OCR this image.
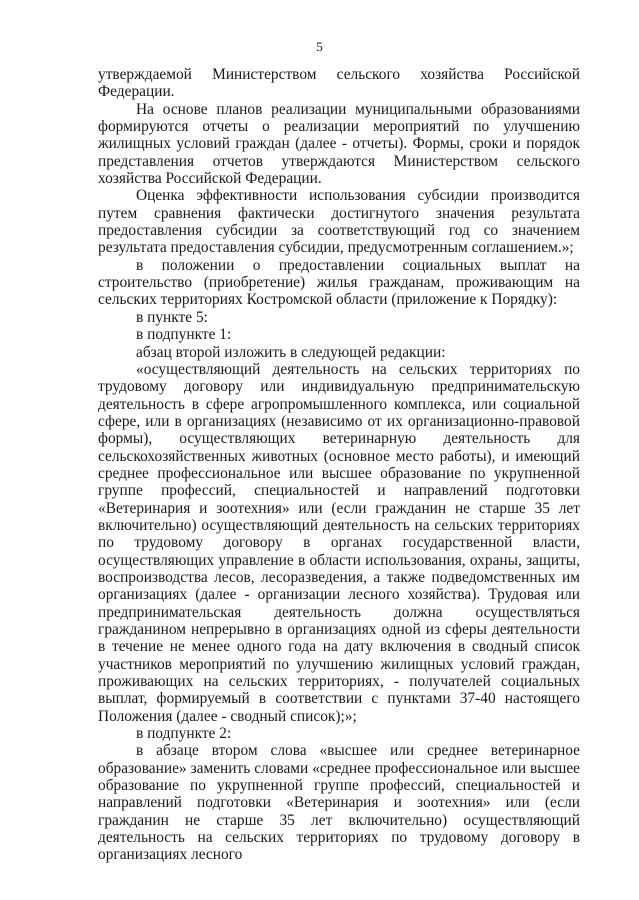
5

утверждаемой Министерством сельского хозяйства Российской Федерации.

На основе планов реализации муниципальными образованиями формируются отчеты о реализации мероприятий по улучшению жилищных условий граждан (далее - отчеты). Формы, сроки и порядок представления отчетов утверждаются Министерством сельского хозяйства Российской Федерации.

Оценка эффективности использования субсидии производится путем сравнения фактически достигнутого значения результата предоставления субсидии за соответствующий год со значением результата предоставления субсидии, предусмотренным соглашением.»;

в положении о предоставлении социальных выплат на строительство (приобретение) жилья гражданам, проживающим на сельских территориях Костромской области (приложение к Порядку):

в пункте 5:

в подпункте 1:

абзац второй изложить в следующей редакции:

«осуществляющий деятельность на сельских территориях по трудовому договору или индивидуальную предпринимательскую деятельность в сфере агропромышленного комплекса, или социальной сфере, или в организациях (независимо от их организационно-правовой формы), осуществляющих ветеринарную деятельность для сельскохозяйственных животных (основное место работы), и имеющий среднее профессиональное или высшее образование по укрупненной группе профессий, специальностей и направлений подготовки «Ветеринария и зоотехния» или (если гражданин не старше 35 лет включительно) осуществляющий деятельность на сельских территориях по трудовому договору в органах государственной власти, осуществляющих управление в области использования, охраны, защиты, воспроизводства лесов, лесоразведения, а также подведомственных им организациях (далее - организации лесного хозяйства). Трудовая или предпринимательская деятельность должна осуществляться гражданином непрерывно в организациях одной из сферы деятельности в течение не менее одного года на дату включения в сводный список участников мероприятий по улучшению жилищных условий граждан, проживающих на сельских территориях, - получателей социальных выплат, формируемый в соответствии с пунктами 37-40 настоящего Положения (далее - сводный список);»;

в подпункте 2:

в абзаце втором слова «высшее или среднее ветеринарное образование» заменить словами «среднее профессиональное или высшее образование по укрупненной группе профессий, специальностей и направлений подготовки «Ветеринария и зоотехния» или (если гражданин не старше 35 лет включительно) осуществляющий деятельность на сельских территориях по трудовому договору в организациях лесного
